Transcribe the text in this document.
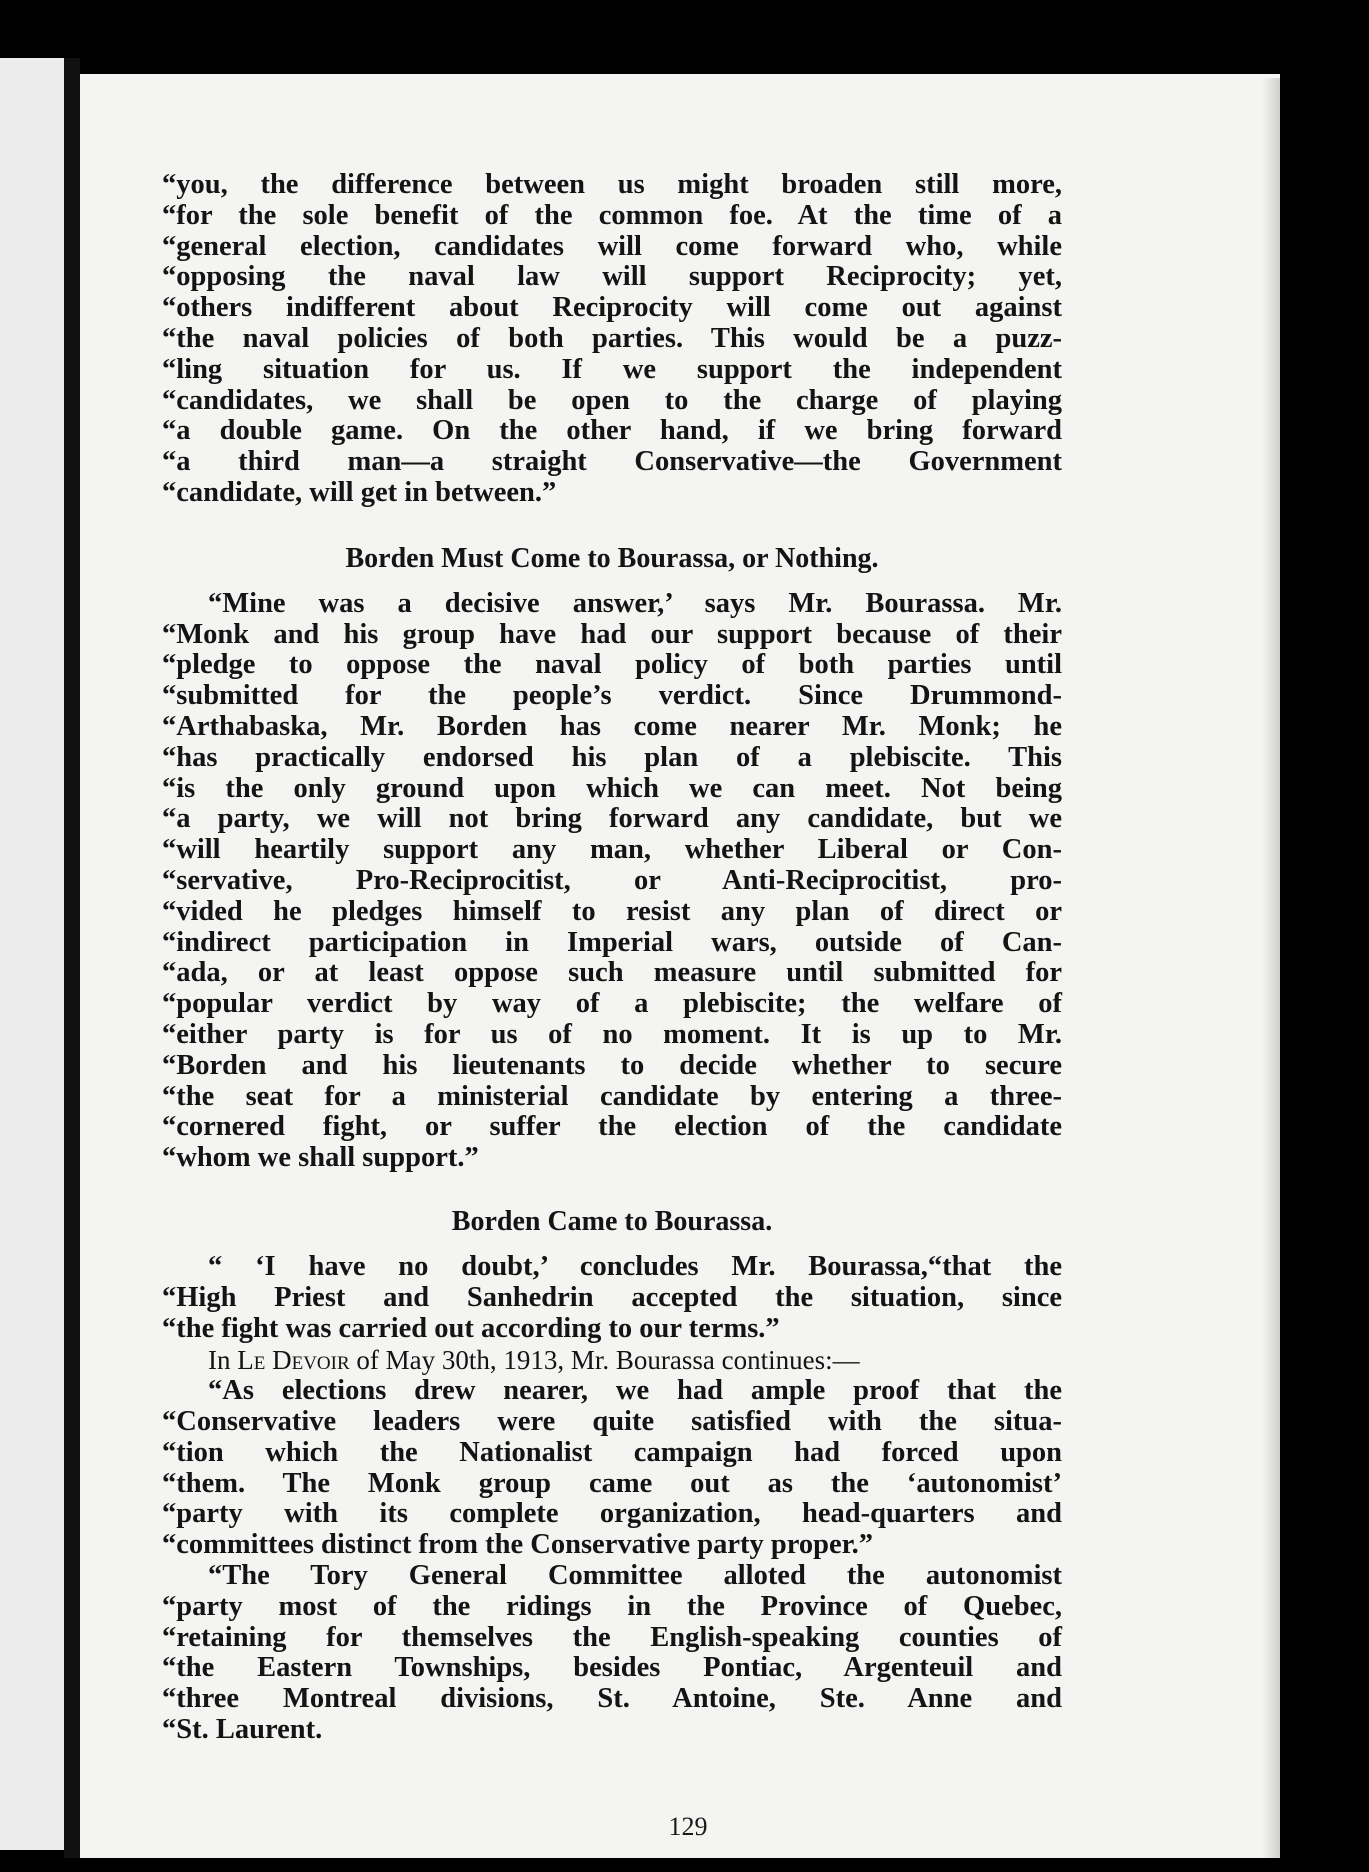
129
“you, the difference between us might broaden still more,
“for the sole benefit of the common foe. At the time of a
“general election, candidates will come forward who, while
“opposing the naval law will support Reciprocity; yet,
“others indifferent about Reciprocity will come out against
“the naval policies of both parties. This would be a puzz-
“ling situation for us. If we support the independent
“candidates, we shall be open to the charge of playing
“a double game. On the other hand, if we bring forward
“a third man—a straight Conservative—the Government
“candidate, will get in between.”
Borden Must Come to Bourassa, or Nothing.
“Mine was a decisive answer,’ says Mr. Bourassa. Mr.
“Monk and his group have had our support because of their
“pledge to oppose the naval policy of both parties until
“submitted for the people’s verdict. Since Drummond-
“Arthabaska, Mr. Borden has come nearer Mr. Monk; he
“has practically endorsed his plan of a plebiscite. This
“is the only ground upon which we can meet. Not being
“a party, we will not bring forward any candidate, but we
“will heartily support any man, whether Liberal or Con-
“servative, Pro-Reciprocitist, or Anti-Reciprocitist, pro-
“vided he pledges himself to resist any plan of direct or
“indirect participation in Imperial wars, outside of Can-
“ada, or at least oppose such measure until submitted for
“popular verdict by way of a plebiscite; the welfare of
“either party is for us of no moment. It is up to Mr.
“Borden and his lieutenants to decide whether to secure
“the seat for a ministerial candidate by entering a three-
“cornered fight, or suffer the election of the candidate
“whom we shall support.”
Borden Came to Bourassa.
“ ‘I have no doubt,’ concludes Mr. Bourassa,“that the
“High Priest and Sanhedrin accepted the situation, since
“the fight was carried out according to our terms.”
In Le Devoir of May 30th, 1913, Mr. Bourassa continues:—
“As elections drew nearer, we had ample proof that the
“Conservative leaders were quite satisfied with the situa-
“tion which the Nationalist campaign had forced upon
“them. The Monk group came out as the ‘autonomist’
“party with its complete organization, head-quarters and
“committees distinct from the Conservative party proper.”
“The Tory General Committee alloted the autonomist
“party most of the ridings in the Province of Quebec,
“retaining for themselves the English-speaking counties of
“the Eastern Townships, besides Pontiac, Argenteuil and
“three Montreal divisions, St. Antoine, Ste. Anne and
“St. Laurent.
